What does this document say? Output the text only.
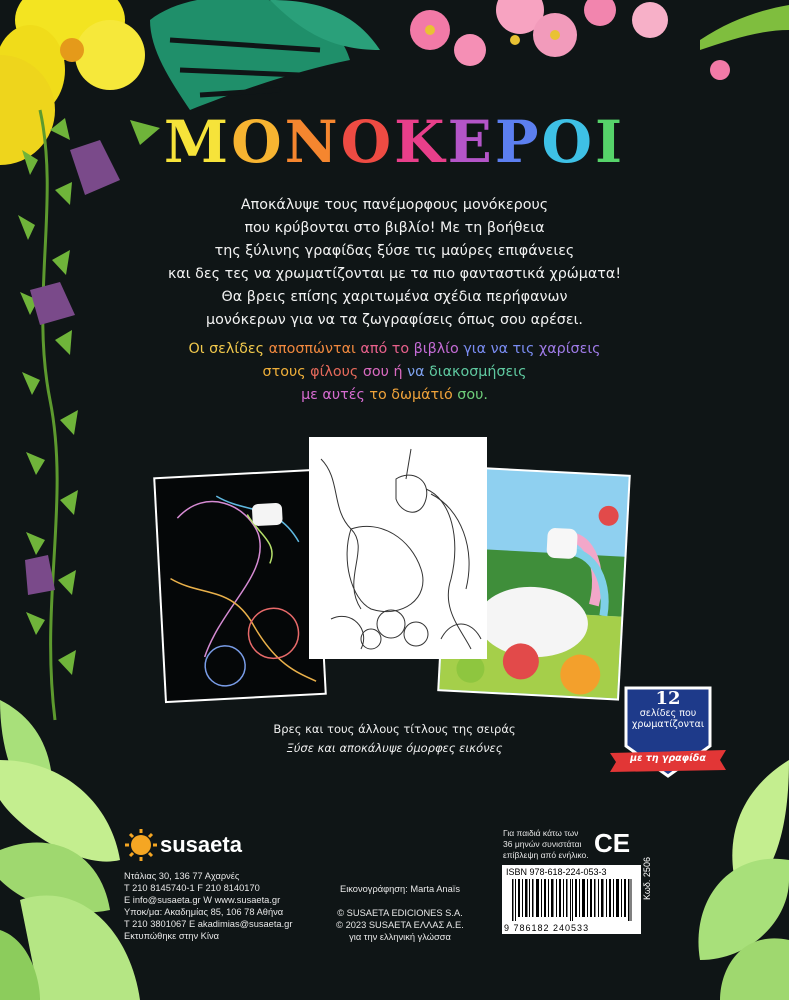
ΜΟΝΟΚΕΡΟΙ
Αποκάλυψε τους πανέμορφους μονόκερους
που κρύβονται στο βιβλίο! Με τη βοήθεια
της ξύλινης γραφίδας ξύσε τις μαύρες επιφάνειες
και δες τες να χρωματίζονται με τα πιο φανταστικά χρώματα!
Θα βρεις επίσης χαριτωμένα σχέδια περήφανων
μονόκερων για να τα ζωγραφίσεις όπως σου αρέσει.
Οι σελίδες αποσπώνται από το βιβλίο για να τις χαρίσεις
στους φίλους σου ή να διακοσμήσεις
με αυτές το δωμάτιό σου.
Βρες και τους άλλους τίτλους της σειράς
Ξύσε και αποκάλυψε όμορφες εικόνες
12
σελίδες που
χρωματίζονται
με τη γραφίδα
susaeta
Ντάλιας 30, 136 77 Αχαρνές
Τ 210 8145740-1 F 210 8140170
E info@susaeta.gr W www.susaeta.gr
Υποκ/μα: Ακαδημίας 85, 106 78 Αθήνα
Τ 210 3801067 E akadimias@susaeta.gr
Εκτυπώθηκε στην Κίνα
Εικονογράφηση: Marta Anaïs
© SUSAETA EDICIONES S.A.
© 2023 SUSAETA ΕΛΛΑΣ Α.Ε.
για την ελληνική γλώσσα
Για παιδιά κάτω των
36 μηνών συνιστάται
επίβλεψη από ενήλικο. CE
ISBN 978-618-224-053-3
9 786182 240533
Κωδ. 2506
